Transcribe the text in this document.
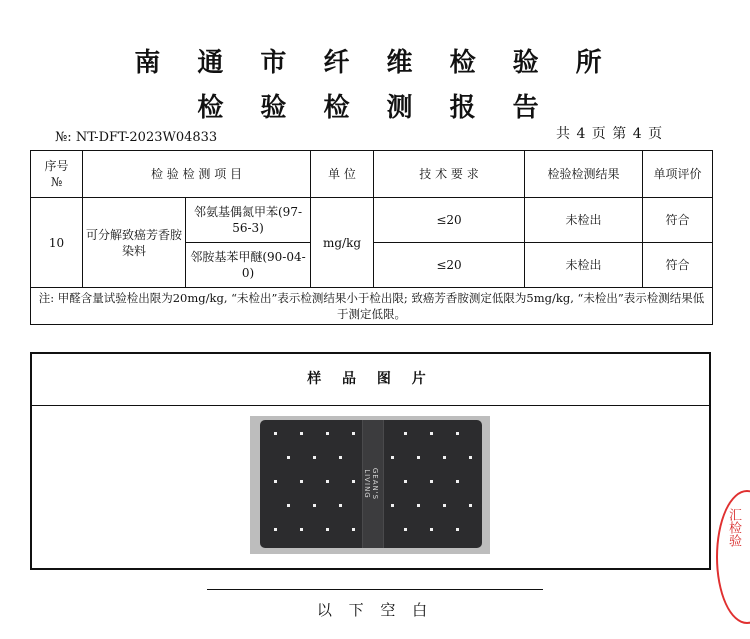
南 通 市 纤 维 检 验 所
检 验 检 测 报 告
№: NT-DFT-2023W04833	共 4 页 第 4 页
序号
№	检 验 检 测 项 目		单 位	技 术 要 求	检验检测结果	单项评价
10	可分解致癌芳香胺染料	邻氨基偶氮甲苯(97-56-3)	mg/kg	≤20	未检出	符合
		邻胺基苯甲醚(90-04-0)		≤20	未检出	符合
注: 甲醛含量试验检出限为20mg/kg, “未检出”表示检测结果小于检出限; 致癌芳香胺测定低限为5mg/kg, “未检出”表示检测结果低于测定低限。						
样 品 图 片
GEAN'S LIVING
以 下 空 白
汇检验
